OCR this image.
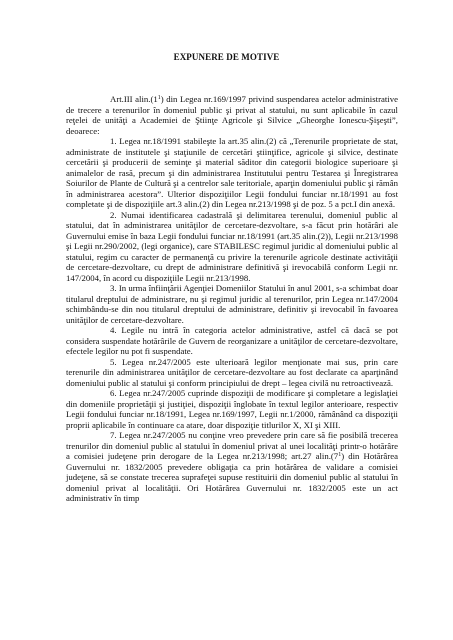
EXPUNERE DE MOTIVE

Art.III $alin.(1^1)$ din Legea nr.169/1997 privind suspendarea actelor administrative de trecere a terenurilor în domeniul public şi privat al statului, nu sunt aplicabile în cazul reţelei de unităţi a Academiei de Ştiinţe Agricole şi Silvice „Gheorghe Ionescu-Şişeşti”, deoarece:

1. Legea nr.18/1991 stabileşte la art.35 alin.(2) că „Terenurile proprietate de stat, administrate de institutele şi staţiunile de cercetări ştiinţifice, agricole şi silvice, destinate cercetării şi producerii de seminţe şi material săditor din categorii biologice superioare şi animalelor de rasă, precum şi din administrarea Institutului pentru Testarea şi Înregistrarea Soiurilor de Plante de Cultură şi a centrelor sale teritoriale, aparţin domeniului public şi rămân în administrarea acestora”. Ulterior dispoziţiilor Legii fondului funciar nr.18/1991 au fost completate şi de dispoziţiile art.3 alin.(2) din Legea nr.213/1998 şi de poz. 5 a pct.I din anexă.

2. Numai identificarea cadastrală şi delimitarea terenului, domeniul public al statului, dat în administrarea unităţilor de cercetare-dezvoltare, s-a făcut prin hotărâri ale Guvernului emise în baza Legii fondului funciar nr.18/1991 (art.35 alin.(2)), Legii nr.213/1998 şi Legii nr.290/2002, (legi organice), care STABILESC regimul juridic al domeniului public al statului, regim cu caracter de permanenţă cu privire la terenurile agricole destinate activităţii de cercetare-dezvoltare, cu drept de administrare definitivă şi irevocabilă conform Legii nr. 147/2004, în acord cu dispoziţiile Legii nr.213/1998.

3. In urma înfiinţării Agenţiei Domeniilor Statului în anul 2001, s-a schimbat doar titularul dreptului de administrare, nu şi regimul juridic al terenurilor, prin Legea nr.147/2004 schimbându-se din nou titularul dreptului de administrare, definitiv şi irevocabil în favoarea unităţilor de cercetare-dezvoltare.

4. Legile nu intră în categoria actelor administrative, astfel că dacă se pot considera suspendate hotărârile de Guvern de reorganizare a unităţilor de cercetare-dezvoltare, efectele legilor nu pot fi suspendate.

5. Legea nr.247/2005 este ulterioară legilor menţionate mai sus, prin care terenurile din administrarea unităţilor de cercetare-dezvoltare au fost declarate ca aparţinând domeniului public al statului şi conform principiului de drept – legea civilă nu retroactivează.

6. Legea nr.247/2005 cuprinde dispoziţii de modificare şi completare a legislaţiei din domeniile proprietăţii şi justiţiei, dispoziţii înglobate în textul legilor anterioare, respectiv Legii fondului funciar nr.18/1991, Legea nr.169/1997, Legii nr.1/2000, rămânând ca dispoziţii proprii aplicabile în continuare ca atare, doar dispoziţie titlurilor X, XI şi XIII.

7. Legea nr.247/2005 nu conţine vreo prevedere prin care să fie posibilă trecerea trenurilor din domeniul public al statului în domeniul privat al unei localităţi printr-o hotărâre a comisiei judeţene prin derogare de la Legea nr.213/1998; art.27 $alin.(7^1)$ din Hotărârea Guvernului nr. 1832/2005 prevedere obligaţia ca prin hotărârea de validare a comisiei judeţene, să se constate trecerea suprafeţei supuse restituirii din domeniul public al statului în domeniul privat al localităţii. Ori Hotărârea Guvernului nr. 1832/2005 este un act administrativ în timp
